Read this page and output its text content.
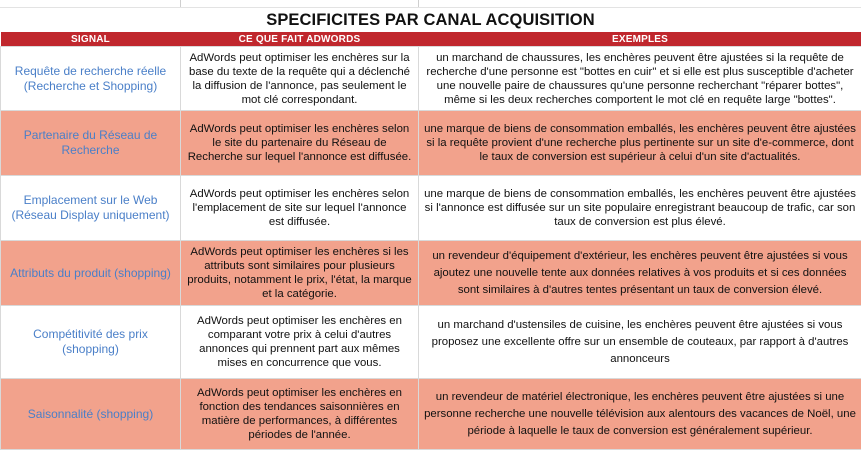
SPECIFICITES PAR CANAL ACQUISITION
SIGNAL	CE QUE FAIT ADWORDS	EXEMPLES
Requête de recherche réelle (Recherche et Shopping)	AdWords peut optimiser les enchères sur la base du texte de la requête qui a déclenché la diffusion de l'annonce, pas seulement le mot clé correspondant.	un marchand de chaussures, les enchères peuvent être ajustées si la requête de recherche d'une personne est "bottes en cuir" et si elle est plus susceptible d'acheter une nouvelle paire de chaussures qu'une personne recherchant "réparer bottes", même si les deux recherches comportent le mot clé en requête large "bottes".
Partenaire du Réseau de Recherche	AdWords peut optimiser les enchères selon le site du partenaire du Réseau de Recherche sur lequel l'annonce est diffusée.	une marque de biens de consommation emballés, les enchères peuvent être ajustées si la requête provient d'une recherche plus pertinente sur un site d'e-commerce, dont le taux de conversion est supérieur à celui d'un site d'actualités.
Emplacement sur le Web (Réseau Display uniquement)	AdWords peut optimiser les enchères selon l'emplacement de site sur lequel l'annonce est diffusée.	une marque de biens de consommation emballés, les enchères peuvent être ajustées si l'annonce est diffusée sur un site populaire enregistrant beaucoup de trafic, car son taux de conversion est plus élevé.
Attributs du produit (shopping)	AdWords peut optimiser les enchères si les attributs sont similaires pour plusieurs produits, notamment le prix, l'état, la marque et la catégorie.	un revendeur d'équipement d'extérieur, les enchères peuvent être ajustées si vous ajoutez une nouvelle tente aux données relatives à vos produits et si ces données sont similaires à d'autres tentes présentant un taux de conversion élevé.
Compétitivité des prix (shopping)	AdWords peut optimiser les enchères en comparant votre prix à celui d'autres annonces qui prennent part aux mêmes mises en concurrence que vous.	un marchand d'ustensiles de cuisine, les enchères peuvent être ajustées si vous proposez une excellente offre sur un ensemble de couteaux, par rapport à d'autres annonceurs
Saisonnalité (shopping)	AdWords peut optimiser les enchères en fonction des tendances saisonnières en matière de performances, à différentes périodes de l'année.	un revendeur de matériel électronique, les enchères peuvent être ajustées si une personne recherche une nouvelle télévision aux alentours des vacances de Noël, une période à laquelle le taux de conversion est généralement supérieur.
